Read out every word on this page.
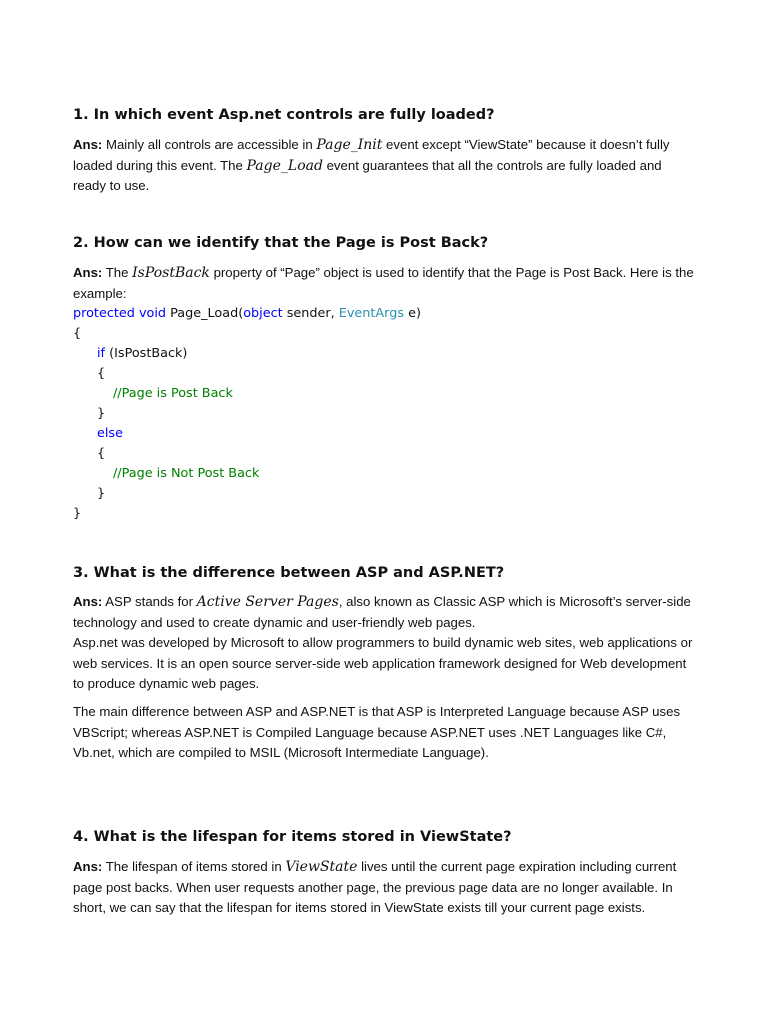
1. In which event Asp.net controls are fully loaded?

Ans: Mainly all controls are accessible in Page_Init event except “ViewState” because it doesn’t fully loaded during this event. The Page_Load event guarantees that all the controls are fully loaded and ready to use.

2. How can we identify that the Page is Post Back?

Ans: The IsPostBack property of “Page” object is used to identify that the Page is Post Back. Here is the example:

protected void Page_Load(object sender, EventArgs e)
{
if (IsPostBack)
{
//Page is Post Back
}
else
{
//Page is Not Post Back
}
}
3. What is the difference between ASP and ASP.NET?

Ans: ASP stands for Active Server Pages, also known as Classic ASP which is Microsoft’s server-side technology and used to create dynamic and user-friendly web pages.

Asp.net was developed by Microsoft to allow programmers to build dynamic web sites, web applications or web services. It is an open source server-side web application framework designed for Web development to produce dynamic web pages.

The main difference between ASP and ASP.NET is that ASP is Interpreted Language because ASP uses VBScript; whereas ASP.NET is Compiled Language because ASP.NET uses .NET Languages like C#, Vb.net, which are compiled to MSIL (Microsoft Intermediate Language).

4. What is the lifespan for items stored in ViewState?

Ans: The lifespan of items stored in ViewState lives until the current page expiration including current page post backs. When user requests another page, the previous page data are no longer available. In short, we can say that the lifespan for items stored in ViewState exists till your current page exists.
